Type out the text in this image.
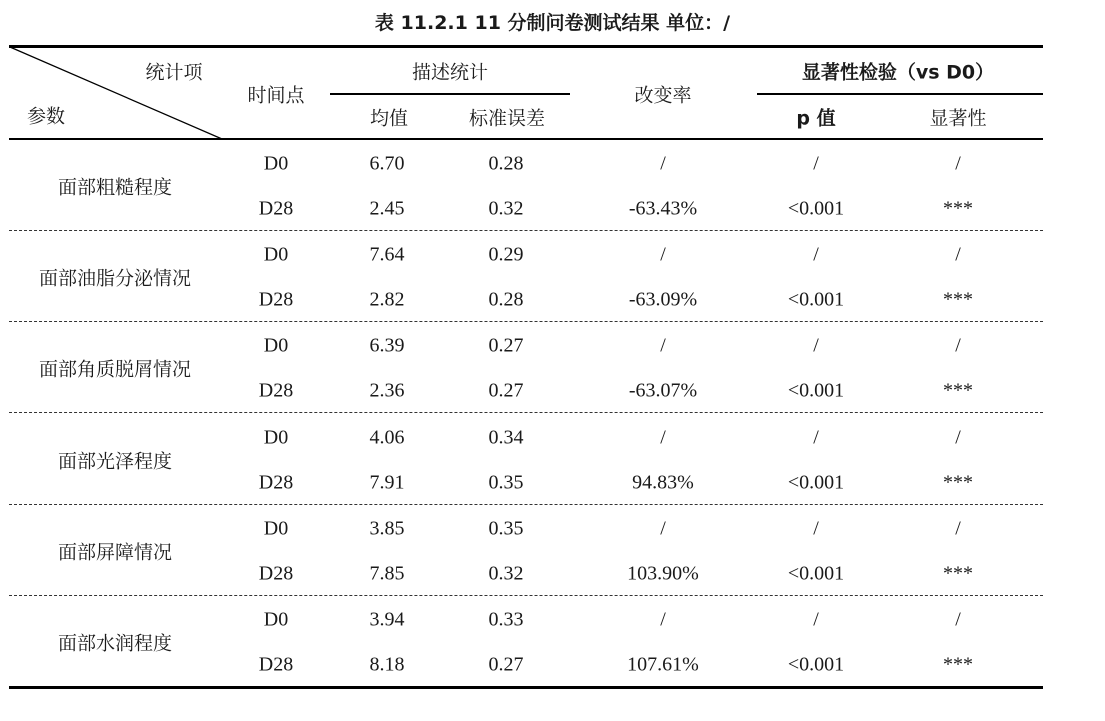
表 11.2.1 11 分制问卷测试结果 单位：/
统计项
参数
时间点
描述统计
均值	标准误差
改变率
显著性检验（vs D0）
p 值	显著性
面部粗糙程度
D0	6.70	0.28	/	/	/
D28	2.45	0.32	-63.43%	<0.001	***
面部油脂分泌情况
D0	7.64	0.29	/	/	/
D28	2.82	0.28	-63.09%	<0.001	***
面部角质脱屑情况
D0	6.39	0.27	/	/	/
D28	2.36	0.27	-63.07%	<0.001	***
面部光泽程度
D0	4.06	0.34	/	/	/
D28	7.91	0.35	94.83%	<0.001	***
面部屏障情况
D0	3.85	0.35	/	/	/
D28	7.85	0.32	103.90%	<0.001	***
面部水润程度
D0	3.94	0.33	/	/	/
D28	8.18	0.27	107.61%	<0.001	***
